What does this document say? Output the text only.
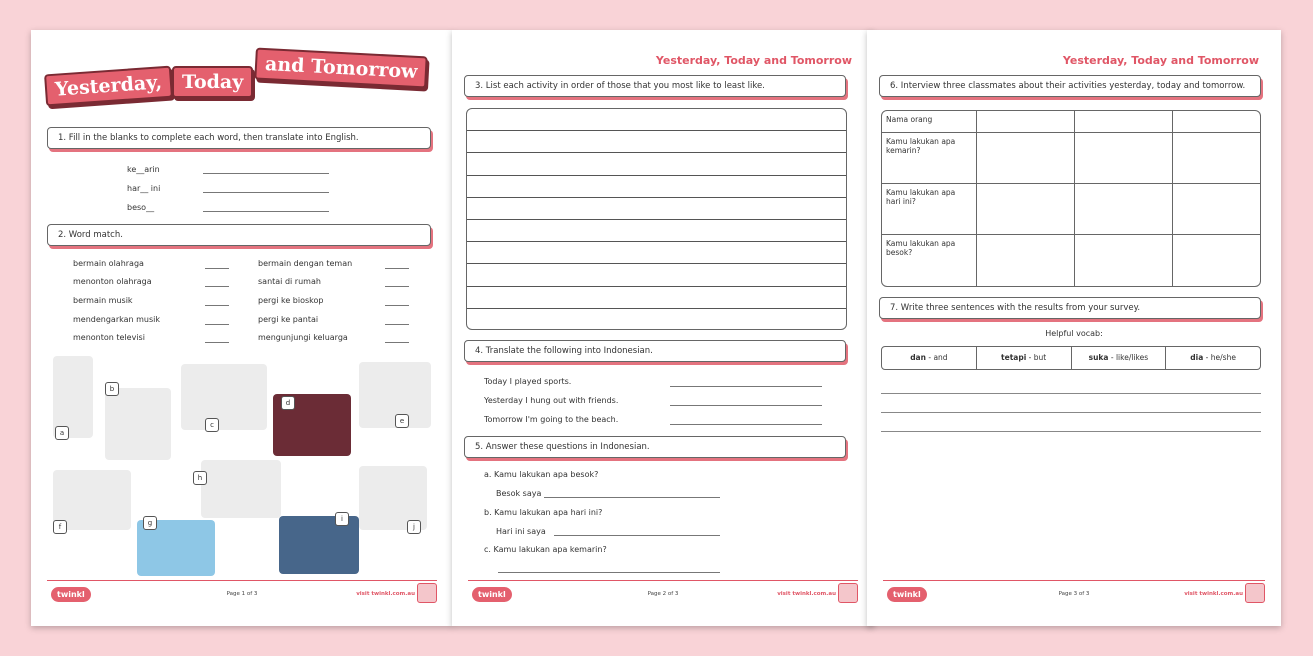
Yesterday,	Today	and Tomorrow
1. Fill in the blanks to complete each word, then translate into English.
ke__arin
har__ ini
beso__
2. Word match.
bermain olahraga
menonton olahraga
bermain musik
mendengarkan musik
menonton televisi
bermain dengan teman
santai di rumah
pergi ke bioskop
pergi ke pantai
mengunjungi keluarga
a
b
c
d
e
f	g
h
i
j
twinkl	Page 1 of 3	visit twinkl.com.au
Yesterday, Today and Tomorrow
3. List each activity in order of those that you most like to least like.
4. Translate the following into Indonesian.
Today I played sports.
Yesterday I hung out with friends.
Tomorrow I'm going to the beach.
5. Answer these questions in Indonesian.
a. Kamu lakukan apa besok?
Besok saya
b. Kamu lakukan apa hari ini?
Hari ini saya
c. Kamu lakukan apa kemarin?
twinkl	Page 2 of 3	visit twinkl.com.au
Yesterday, Today and Tomorrow
6. Interview three classmates about their activities yesterday, today and tomorrow.
Nama orang			
Kamu lakukan apa kemarin?			
Kamu lakukan apa hari ini?			
Kamu lakukan apa besok?			
7. Write three sentences with the results from your survey.
Helpful vocab:
dan - and	tetapi - but	suka - like/likes	dia - he/she
twinkl	Page 3 of 3	visit twinkl.com.au
